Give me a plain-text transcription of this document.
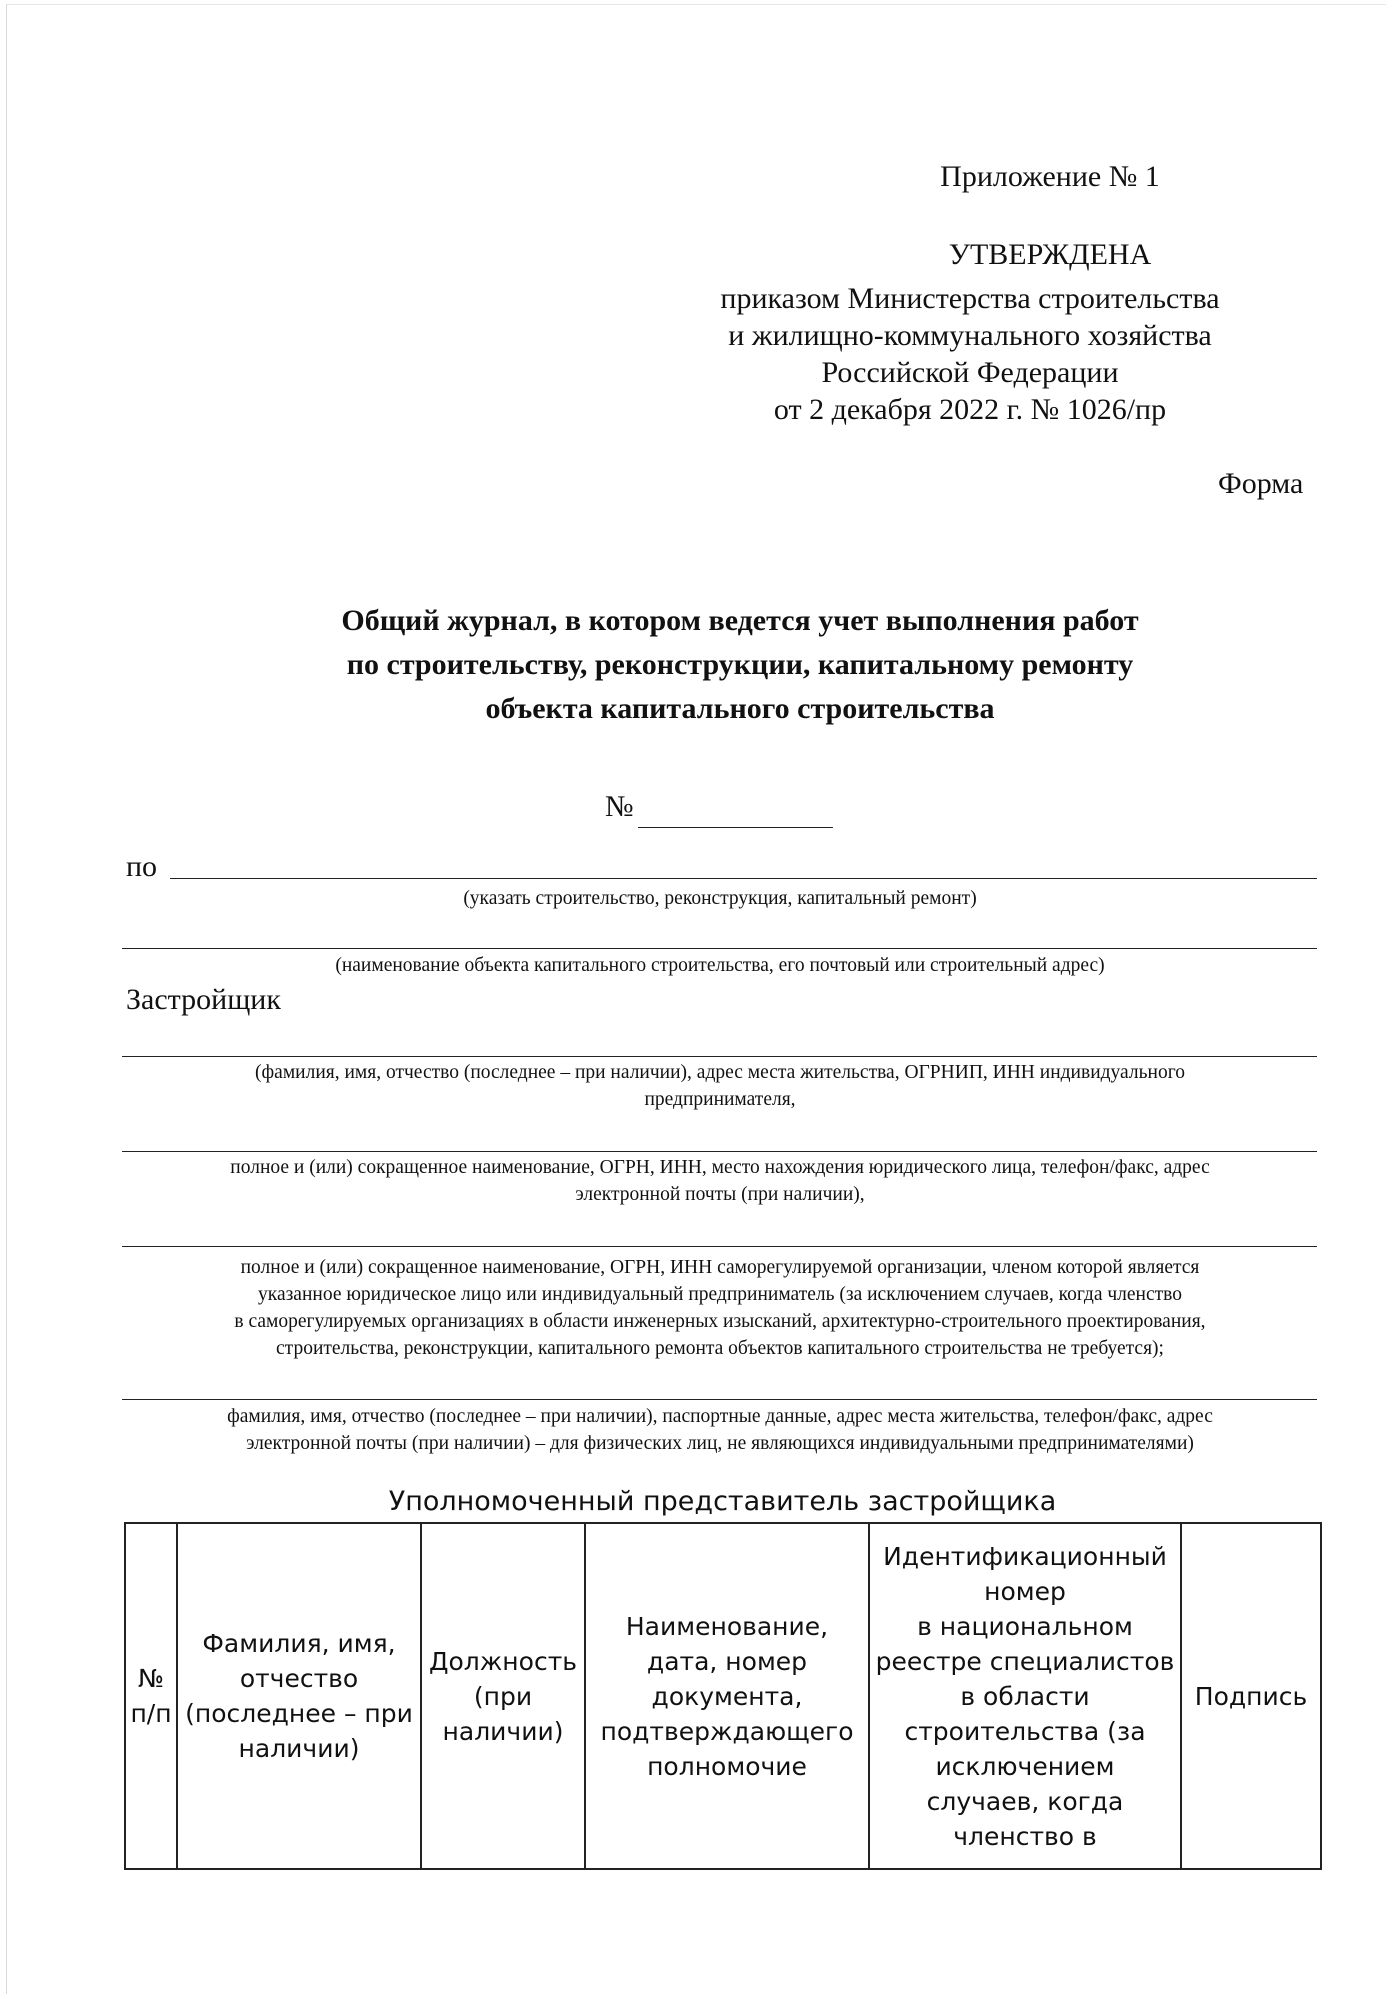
Приложение № 1
УТВЕРЖДЕНА
приказом Министерства строительства
и жилищно-коммунального хозяйства
Российской Федерации
от 2 декабря 2022 г. № 1026/пр
Форма
Общий журнал, в котором ведется учет выполнения работ
по строительству, реконструкции, капитальному ремонту
объекта капитального строительства
№
по
(указать строительство, реконструкция, капитальный ремонт)
(наименование объекта капитального строительства, его почтовый или строительный адрес)
Застройщик
(фамилия, имя, отчество (последнее – при наличии), адрес места жительства, ОГРНИП, ИНН индивидуального
предпринимателя,
полное и (или) сокращенное наименование, ОГРН, ИНН, место нахождения юридического лица, телефон/факс, адрес
электронной почты (при наличии),
полное и (или) сокращенное наименование, ОГРН, ИНН саморегулируемой организации, членом которой является
указанное юридическое лицо или индивидуальный предприниматель (за исключением случаев, когда членство
в саморегулируемых организациях в области инженерных изысканий, архитектурно-строительного проектирования,
строительства, реконструкции, капитального ремонта объектов капитального строительства не требуется);
фамилия, имя, отчество (последнее – при наличии), паспортные данные, адрес места жительства, телефон/факс, адрес
электронной почты (при наличии) – для физических лиц, не являющихся индивидуальными предпринимателями)
Уполномоченный представитель застройщика
№
п/п

Фамилия, имя,
отчество
(последнее – при
наличии)

Должность
(при
наличии)

Наименование,
дата, номер
документа,
подтверждающего
полномочие

Идентификационный
номер
в национальном
реестре специалистов
в области
строительства (за
исключением
случаев, когда
членство в

Подпись
